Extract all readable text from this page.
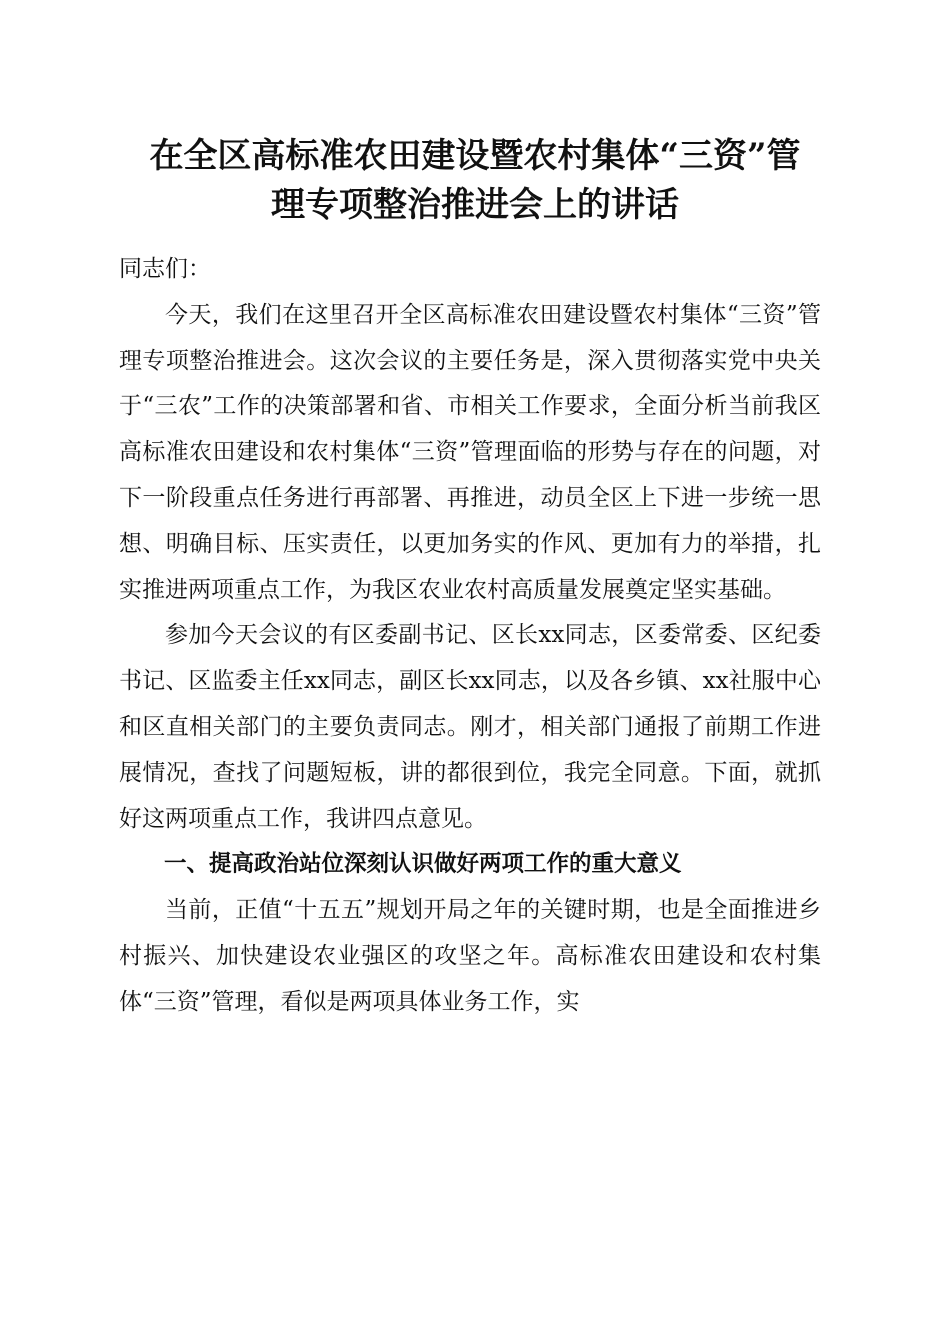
在全区高标准农田建设暨农村集体“三资”管
理专项整治推进会上的讲话

同志们：

今天，我们在这里召开全区高标准农田建设暨农村集体“三资”管理专项整治推进会。这次会议的主要任务是，深入贯彻落实党中央关于“三农”工作的决策部署和省、市相关工作要求，全面分析当前我区高标准农田建设和农村集体“三资”管理面临的形势与存在的问题，对下一阶段重点任务进行再部署、再推进，动员全区上下进一步统一思想、明确目标、压实责任，以更加务实的作风、更加有力的举措，扎实推进两项重点工作，为我区农业农村高质量发展奠定坚实基础。

参加今天会议的有区委副书记、区长xx同志，区委常委、区纪委书记、区监委主任xx同志，副区长xx同志，以及各乡镇、xx社服中心和区直相关部门的主要负责同志。刚才，相关部门通报了前期工作进展情况，查找了问题短板，讲的都很到位，我完全同意。下面，就抓好这两项重点工作，我讲四点意见。

一、提高政治站位深刻认识做好两项工作的重大意义

当前，正值“十五五”规划开局之年的关键时期，也是全面推进乡村振兴、加快建设农业强区的攻坚之年。高标准农田建设和农村集体“三资”管理，看似是两项具体业务工作，实
